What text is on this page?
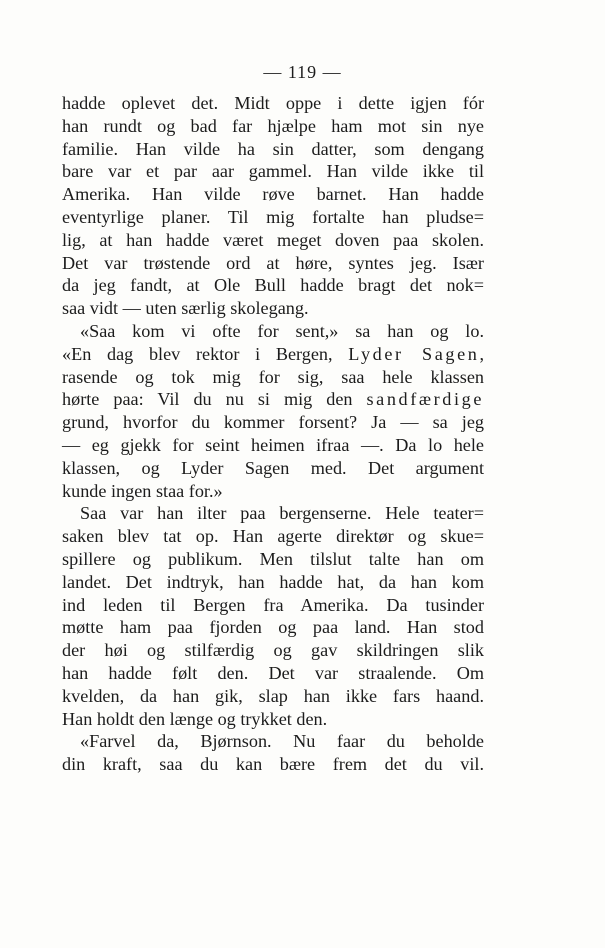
— 119 —
hadde oplevet det. Midt oppe i dette igjen fór
han rundt og bad far hjælpe ham mot sin nye
familie. Han vilde ha sin datter, som dengang
bare var et par aar gammel. Han vilde ikke til
Amerika. Han vilde røve barnet. Han hadde
eventyrlige planer. Til mig fortalte han pludse=
lig, at han hadde været meget doven paa skolen.
Det var trøstende ord at høre, syntes jeg. Især
da jeg fandt, at Ole Bull hadde bragt det nok=
saa vidt — uten særlig skolegang.
«Saa kom vi ofte for sent,» sa han og lo.
«En dag blev rektor i Bergen, Lyder Sagen,
rasende og tok mig for sig, saa hele klassen
hørte paa: Vil du nu si mig den sandfærdige
grund, hvorfor du kommer forsent? Ja — sa jeg
— eg gjekk for seint heimen ifraa —. Da lo hele
klassen, og Lyder Sagen med. Det argument
kunde ingen staa for.»
Saa var han ilter paa bergenserne. Hele teater=
saken blev tat op. Han agerte direktør og skue=
spillere og publikum. Men tilslut talte han om
landet. Det indtryk, han hadde hat, da han kom
ind leden til Bergen fra Amerika. Da tusinder
møtte ham paa fjorden og paa land. Han stod
der høi og stilfærdig og gav skildringen slik
han hadde følt den. Det var straalende. Om
kvelden, da han gik, slap han ikke fars haand.
Han holdt den længe og trykket den.
«Farvel da, Bjørnson. Nu faar du beholde
din kraft, saa du kan bære frem det du vil.
